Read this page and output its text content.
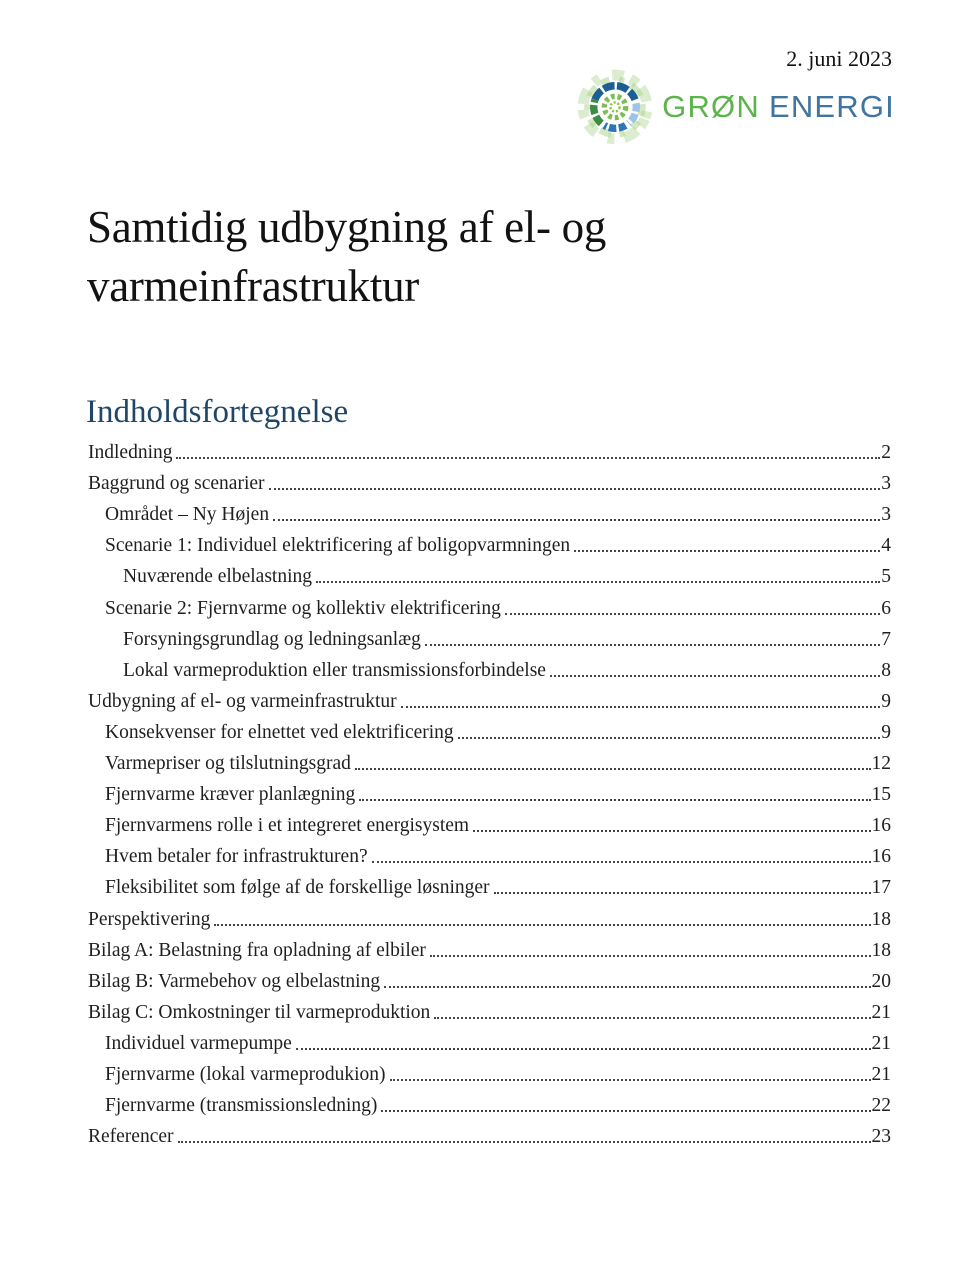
2. juni 2023
GRØN ENERGI
Samtidig udbygning af el- og
varmeinfrastruktur
Indholdsfortegnelse
Indledning	2
Baggrund og scenarier	3
Området – Ny Højen	3
Scenarie 1: Individuel elektrificering af boligopvarmningen	4
Nuværende elbelastning	5
Scenarie 2: Fjernvarme og kollektiv elektrificering	6
Forsyningsgrundlag og ledningsanlæg	7
Lokal varmeproduktion eller transmissionsforbindelse	8
Udbygning af el- og varmeinfrastruktur	9
Konsekvenser for elnettet ved elektrificering	9
Varmepriser og tilslutningsgrad	12
Fjernvarme kræver planlægning	15
Fjernvarmens rolle i et integreret energisystem	16
Hvem betaler for infrastrukturen?	16
Fleksibilitet som følge af de forskellige løsninger	17
Perspektivering	18
Bilag A: Belastning fra opladning af elbiler	18
Bilag B: Varmebehov og elbelastning	20
Bilag C: Omkostninger til varmeproduktion	21
Individuel varmepumpe	21
Fjernvarme (lokal varmeprodukion)	21
Fjernvarme (transmissionsledning)	22
Referencer	23
